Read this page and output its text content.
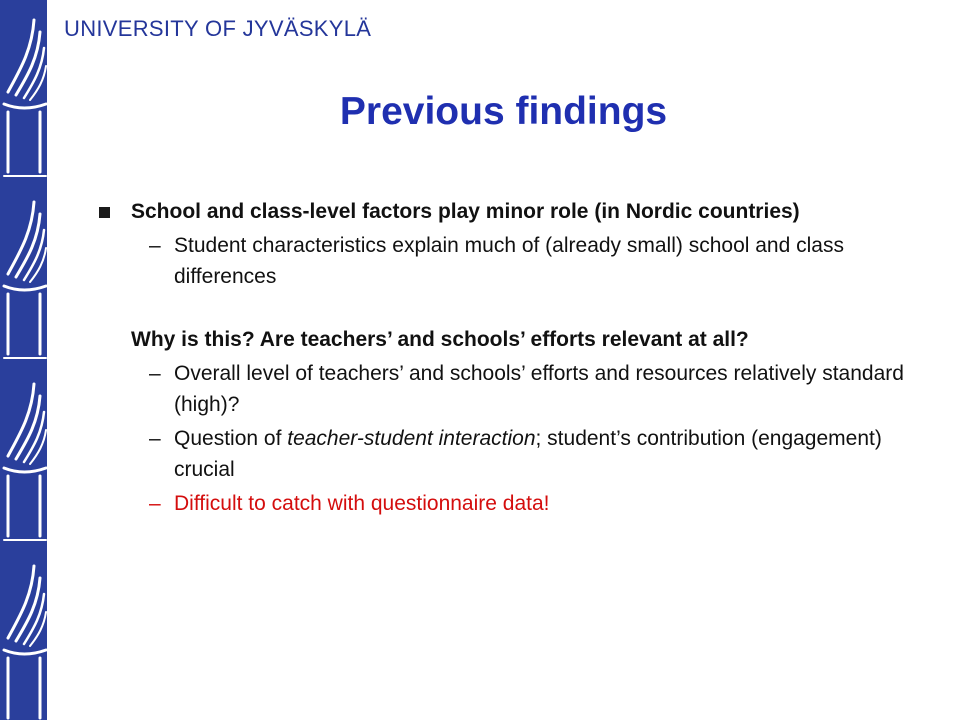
UNIVERSITY OF JYVÄSKYLÄ
Previous findings
School and class-level factors play minor role (in Nordic countries)
– Student characteristics explain much of (already small) school and class differences
Why is this? Are teachers’ and schools’ efforts relevant at all?
– Overall level of teachers’ and schools’ efforts and resources relatively standard (high)?
– Question of teacher-student interaction; student’s contribution (engagement) crucial
– Difficult to catch with questionnaire data!
